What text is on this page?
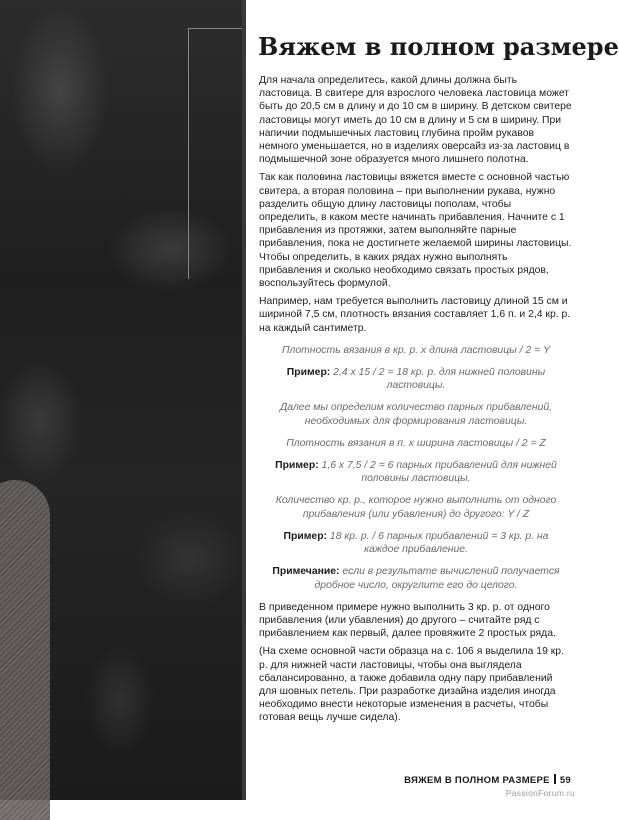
Вяжем в полном размере

Для начала определитесь, какой длины должна быть ластовица. В свитере для взрослого человека ластовица может быть до 20,5 см в длину и до 10 см в ширину. В детском свитере ластовицы могут иметь до 10 см в длину и 5 см в ширину. При напичии подмышечных ластовиц глубина пройм рукавов немного уменьшается, но в изделиях оверсайз из-за ластовиц в подмышечной зоне образуется много лишнего полотна.

Так как половина ластовицы вяжется вместе с основной частью свитера, а вторая половина – при выполнении рукава, нужно разделить общую длину ластовицы пополам, чтобы определить, в каком месте начинать прибавления. Начните с 1 прибавления из протяжки, затем выполняйте парные прибавления, пока не достигнете желаемой ширины ластовицы. Чтобы определить, в каких рядах нужно выполнять прибавления и сколько необходимо связать простых рядов, воспользуйтесь формулой.

Например, нам требуется выполнить ластовицу длиной 15 см и шириной 7,5 см, плотность вязания составляет 1,6 п. и 2,4 кр. р. на каждый сантиметр.

Плотность вязания в кр. р. х длина ластовицы / 2 = Y

Пример: 2,4 х 15 / 2 = 18 кр. р. для нижней половины ластовицы.

Далее мы определим количество парных прибавлений, необходимых для формирования ластовицы.

Плотность вязания в п. х ширина ластовицы / 2 = Z

Пример: 1,6 х 7,5 / 2 = 6 парных прибавлений для нижней половины ластовицы.

Количество кр. р., которое нужно выполнить от одного прибавления (или убавления) до другого: Y / Z

Пример: 18 кр. р. / 6 парных прибавлений = 3 кр. р. на каждое прибавление.

Примечание: если в результате вычислений получается дробное число, округлите его до целого.

В приведенном примере нужно выполнить 3 кр. р. от одного прибавления (или убавления) до другого – считайте ряд с прибавлением как первый, далее провяжите 2 простых ряда.

(На схеме основной части образца на с. 106 я выделила 19 кр. р. для нижней части ластовицы, чтобы она выглядела сбалансированно, а также добавила одну пару прибавлений для шовных петель. При разработке дизайна изделия иногда необходимо внести некоторые изменения в расчеты, чтобы готовая вещь лучше сидела).

ВЯЖЕМ В ПОЛНОМ РАЗМЕРЕ 59
PassionForum.ru
